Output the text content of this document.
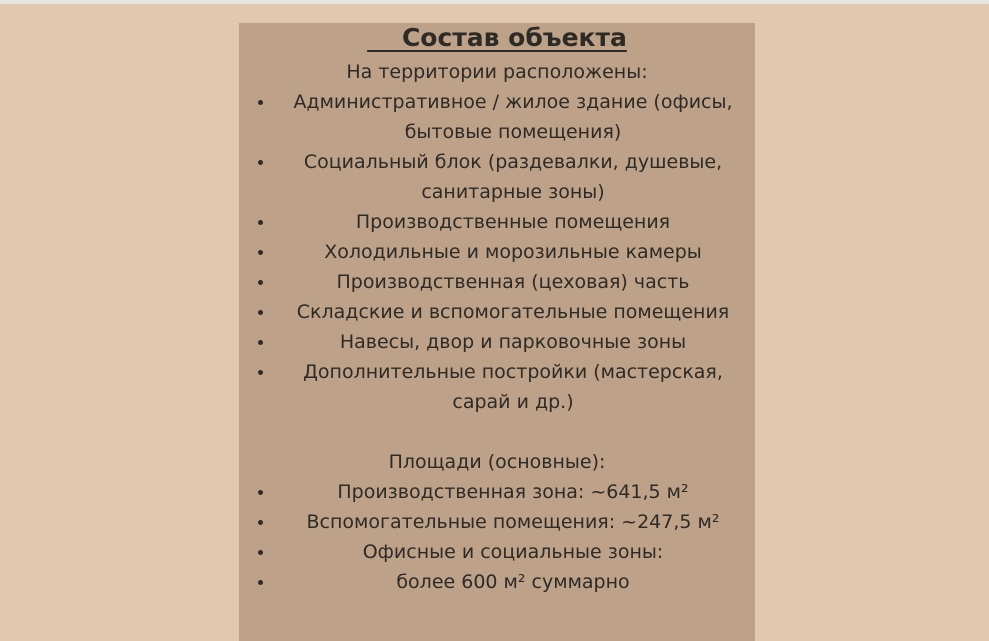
Состав объекта
На территории расположены:
Административное / жилое здание (офисы, бытовые помещения)
Социальный блок (раздевалки, душевые, санитарные зоны)
Производственные помещения
Холодильные и морозильные камеры
Производственная (цеховая) часть
Складские и вспомогательные помещения
Навесы, двор и парковочные зоны
Дополнительные постройки (мастерская, сарай и др.)
Площади (основные):
Производственная зона: ~641,5 м²
Вспомогательные помещения: ~247,5 м²
Офисные и социальные зоны:
более 600 м² суммарно
